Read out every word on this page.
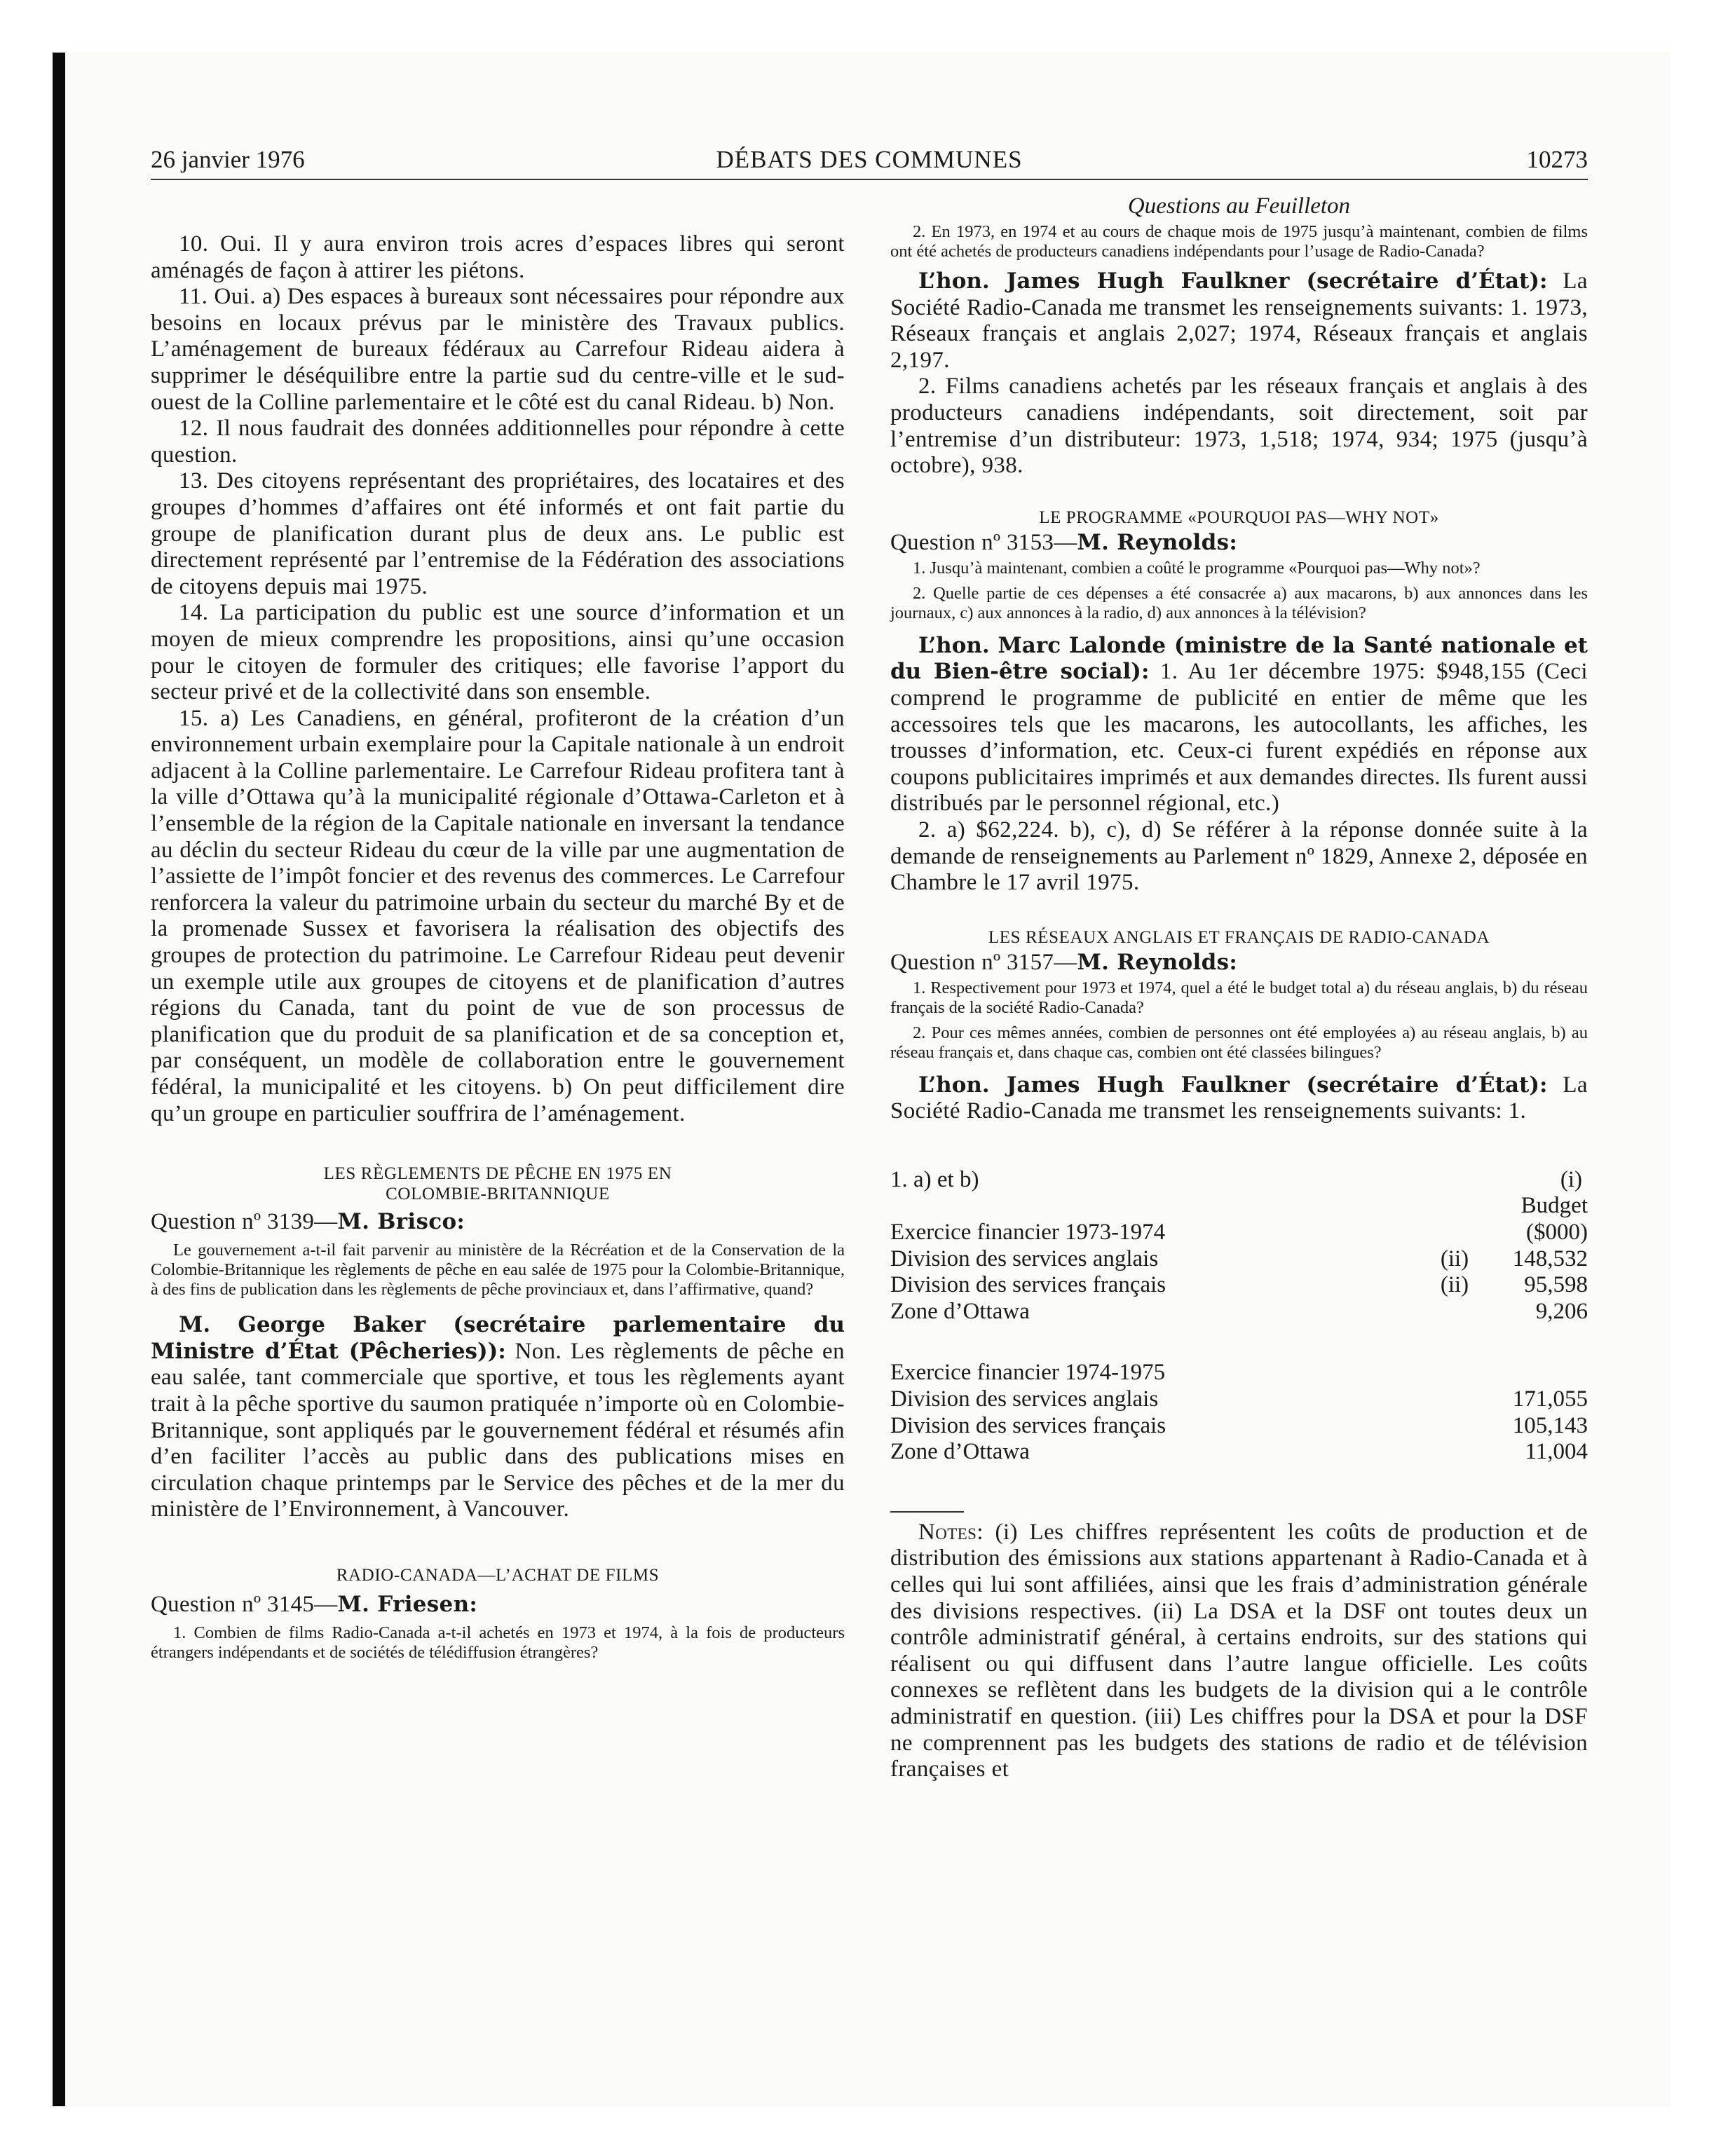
26 janvier 1976	DÉBATS DES COMMUNES	10273

10. Oui. Il y aura environ trois acres d’espaces libres qui seront aménagés de façon à attirer les piétons.

11. Oui. a) Des espaces à bureaux sont nécessaires pour répondre aux besoins en locaux prévus par le ministère des Travaux publics. L’aménagement de bureaux fédéraux au Carrefour Rideau aidera à supprimer le déséquilibre entre la partie sud du centre-ville et le sud-ouest de la Colline parlementaire et le côté est du canal Rideau. b) Non.

12. Il nous faudrait des données additionnelles pour répondre à cette question.

13. Des citoyens représentant des propriétaires, des locataires et des groupes d’hommes d’affaires ont été informés et ont fait partie du groupe de planification durant plus de deux ans. Le public est directement représenté par l’entremise de la Fédération des associations de citoyens depuis mai 1975.

14. La participation du public est une source d’information et un moyen de mieux comprendre les propositions, ainsi qu’une occasion pour le citoyen de formuler des critiques; elle favorise l’apport du secteur privé et de la collectivité dans son ensemble.

15. a) Les Canadiens, en général, profiteront de la création d’un environnement urbain exemplaire pour la Capitale nationale à un endroit adjacent à la Colline parlementaire. Le Carrefour Rideau profitera tant à la ville d’Ottawa qu’à la municipalité régionale d’Ottawa-Carleton et à l’ensemble de la région de la Capitale nationale en inversant la tendance au déclin du secteur Rideau du cœur de la ville par une augmentation de l’assiette de l’impôt foncier et des revenus des commerces. Le Carrefour renforcera la valeur du patrimoine urbain du secteur du marché By et de la promenade Sussex et favorisera la réalisation des objectifs des groupes de protection du patrimoine. Le Carrefour Rideau peut devenir un exemple utile aux groupes de citoyens et de planification d’autres régions du Canada, tant du point de vue de son processus de planification que du produit de sa planification et de sa conception et, par conséquent, un modèle de collaboration entre le gouvernement fédéral, la municipalité et les citoyens. b) On peut difficilement dire qu’un groupe en particulier souffrira de l’aménagement.

LES RÈGLEMENTS DE PÊCHE EN 1975 EN

COLOMBIE-BRITANNIQUE

Question nº 3139—M. Brisco:

Le gouvernement a-t-il fait parvenir au ministère de la Récréation et de la Conservation de la Colombie-Britannique les règlements de pêche en eau salée de 1975 pour la Colombie-Britannique, à des fins de publication dans les règlements de pêche provinciaux et, dans l’affirmative, quand?

M. George Baker (secrétaire parlementaire du Ministre d’État (Pêcheries)): Non. Les règlements de pêche en eau salée, tant commerciale que sportive, et tous les règlements ayant trait à la pêche sportive du saumon pratiquée n’importe où en Colombie-Britannique, sont appliqués par le gouvernement fédéral et résumés afin d’en faciliter l’accès au public dans des publications mises en circulation chaque printemps par le Service des pêches et de la mer du ministère de l’Environnement, à Vancouver.

RADIO-CANADA—L’ACHAT DE FILMS

Question nº 3145—M. Friesen:

1. Combien de films Radio-Canada a-t-il achetés en 1973 et 1974, à la fois de producteurs étrangers indépendants et de sociétés de télédiffusion étrangères?

Questions au Feuilleton

2. En 1973, en 1974 et au cours de chaque mois de 1975 jusqu’à maintenant, combien de films ont été achetés de producteurs canadiens indépendants pour l’usage de Radio-Canada?

L’hon. James Hugh Faulkner (secrétaire d’État): La Société Radio-Canada me transmet les renseignements suivants: 1. 1973, Réseaux français et anglais 2,027; 1974, Réseaux français et anglais 2,197.

2. Films canadiens achetés par les réseaux français et anglais à des producteurs canadiens indépendants, soit directement, soit par l’entremise d’un distributeur: 1973, 1,518; 1974, 934; 1975 (jusqu’à octobre), 938.

LE PROGRAMME «POURQUOI PAS—WHY NOT»

Question nº 3153—M. Reynolds:

1. Jusqu’à maintenant, combien a coûté le programme «Pourquoi pas—Why not»?

2. Quelle partie de ces dépenses a été consacrée a) aux macarons, b) aux annonces dans les journaux, c) aux annonces à la radio, d) aux annonces à la télévision?

L’hon. Marc Lalonde (ministre de la Santé nationale et du Bien-être social): 1. Au 1er décembre 1975: $948,155 (Ceci comprend le programme de publicité en entier de même que les accessoires tels que les macarons, les autocollants, les affiches, les trousses d’information, etc. Ceux-ci furent expédiés en réponse aux coupons publicitaires imprimés et aux demandes directes. Ils furent aussi distribués par le personnel régional, etc.)

2. a) $62,224. b), c), d) Se référer à la réponse donnée suite à la demande de renseignements au Parlement nº 1829, Annexe 2, déposée en Chambre le 17 avril 1975.

LES RÉSEAUX ANGLAIS ET FRANÇAIS DE RADIO-CANADA

Question nº 3157—M. Reynolds:

1. Respectivement pour 1973 et 1974, quel a été le budget total a) du réseau anglais, b) du réseau français de la société Radio-Canada?

2. Pour ces mêmes années, combien de personnes ont été employées a) au réseau anglais, b) au réseau français et, dans chaque cas, combien ont été classées bilingues?

L’hon. James Hugh Faulkner (secrétaire d’État): La Société Radio-Canada me transmet les renseignements suivants: 1.

1. a) et b)	(i)
Budget
Exercice financier 1973-1974	($000)
Division des services anglais	(ii)	148,532
Division des services français	(ii)	95,598
Zone d’Ottawa	9,206
Exercice financier 1974-1975
Division des services anglais	171,055
Division des services français	105,143
Zone d’Ottawa	11,004

Notes: (i) Les chiffres représentent les coûts de production et de distribution des émissions aux stations appartenant à Radio-Canada et à celles qui lui sont affiliées, ainsi que les frais d’administration générale des divisions respectives. (ii) La DSA et la DSF ont toutes deux un contrôle administratif général, à certains endroits, sur des stations qui réalisent ou qui diffusent dans l’autre langue officielle. Les coûts connexes se reflètent dans les budgets de la division qui a le contrôle administratif en question. (iii) Les chiffres pour la DSA et pour la DSF ne comprennent pas les budgets des stations de radio et de télévision françaises et
